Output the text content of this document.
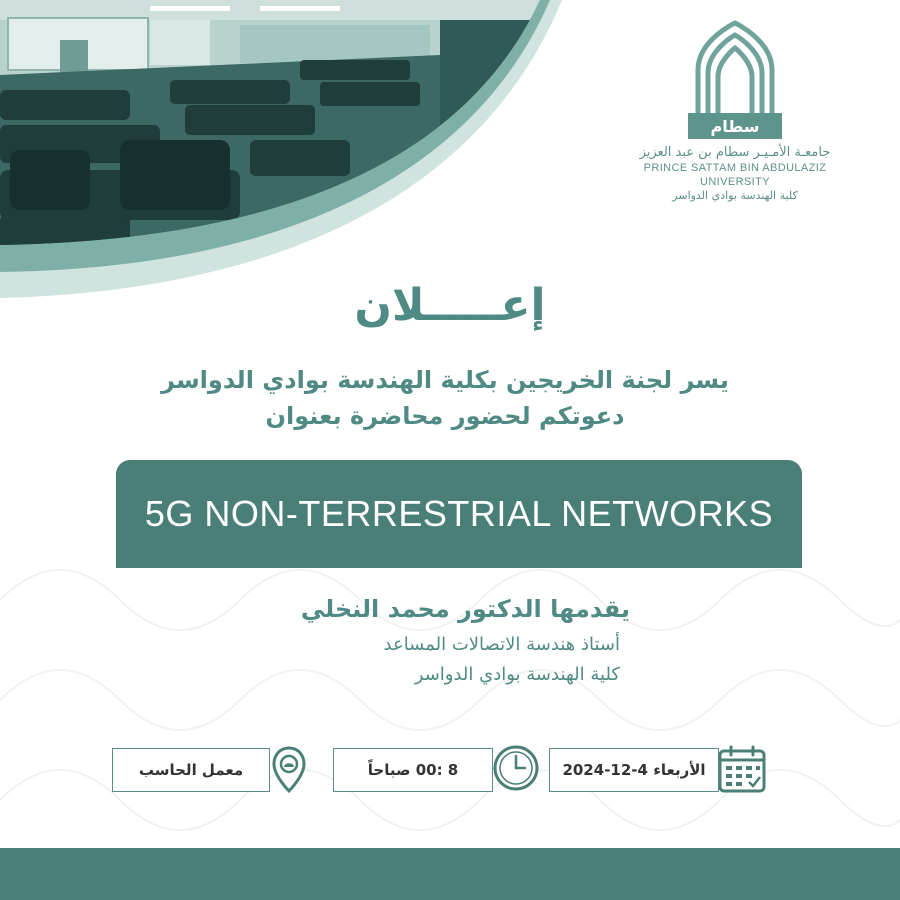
سطام
جامعـة الأمـيـر سطام بن عبد العزيز
PRINCE SATTAM BIN ABDULAZIZ UNIVERSITY
كلية الهندسة بوادي الدواسر
إعـــــلان
يسر لجنة الخريجين بكلية الهندسة بوادي الدواسر
دعوتكم لحضور محاضرة بعنوان
5G NON-TERRESTRIAL NETWORKS
يقدمها الدكتور محمد النخلي
أستاذ هندسة الاتصالات المساعد
كلية الهندسة بوادي الدواسر
معمل الحاسب	8 :00 صباحاً	الأربعاء 4-12-2024
